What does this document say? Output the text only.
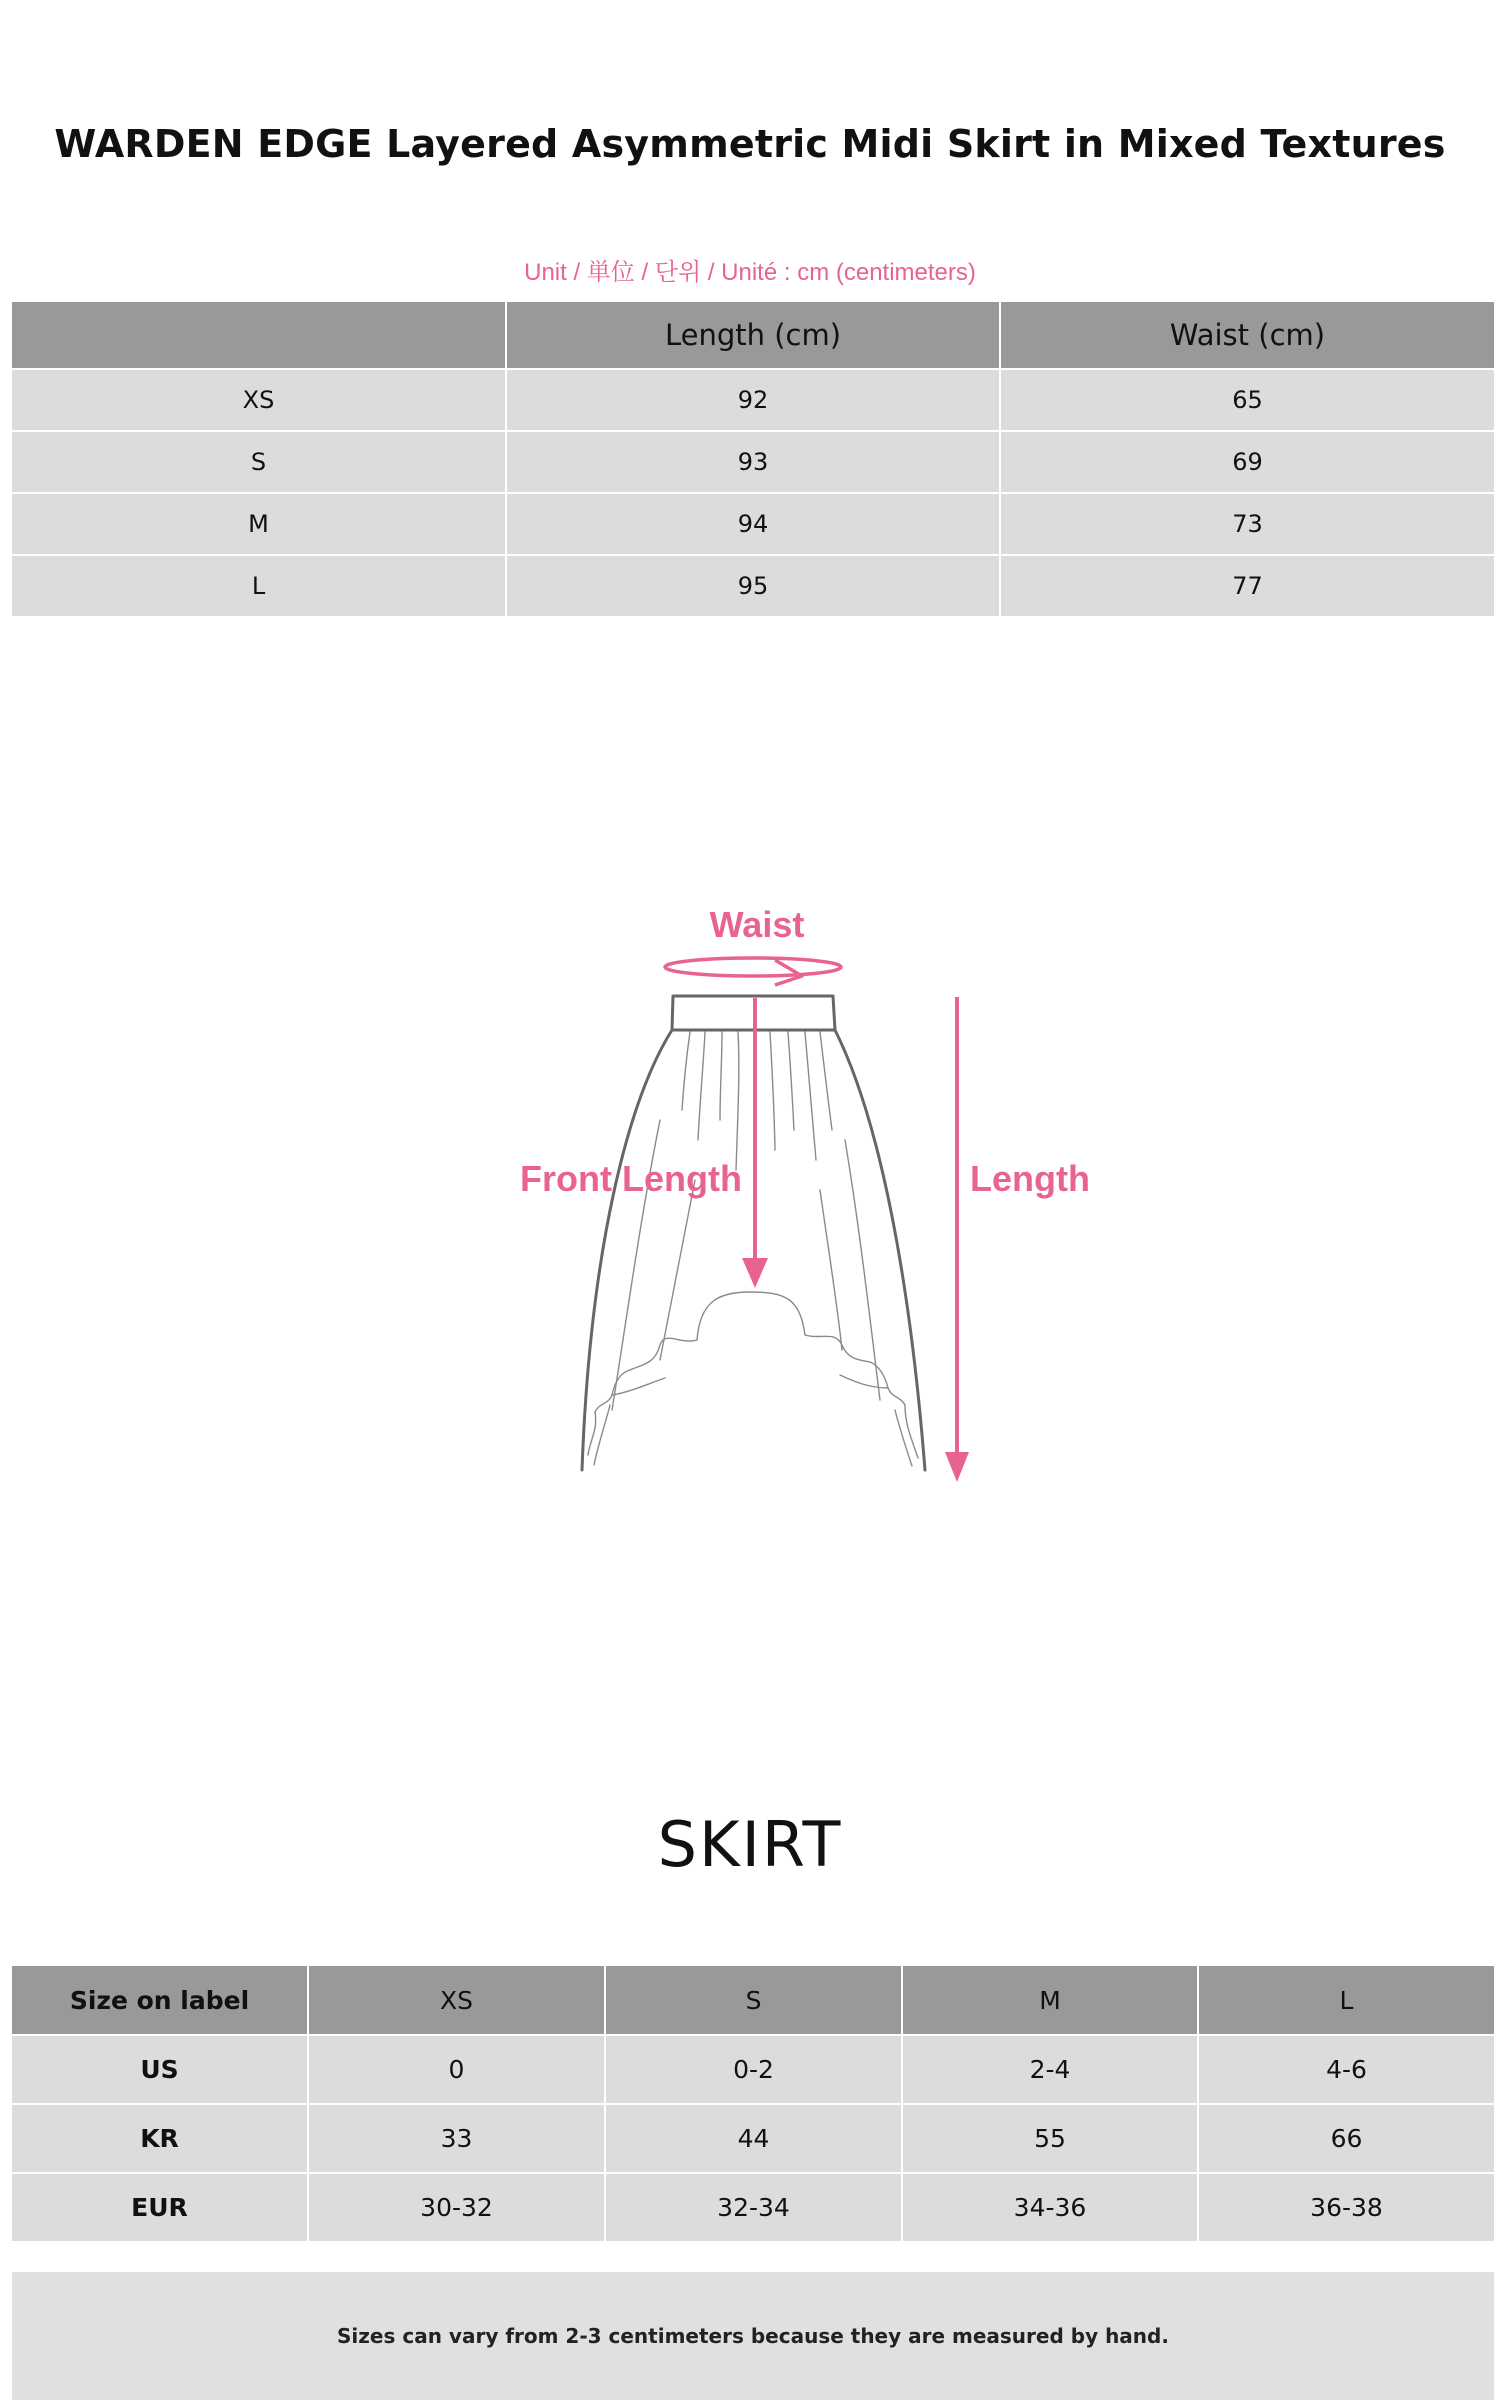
WARDEN EDGE Layered Asymmetric Midi Skirt in Mixed Textures
Unit / 単位 / 단위 / Unité : cm (centimeters)
	Length (cm)	Waist (cm)
XS	92	65
S	93	69
M	94	73
L	95	77
Waist
Front Length	Length
SKIRT
Size on label	XS	S	M	L
US	0	0-2	2-4	4-6
KR	33	44	55	66
EUR	30-32	32-34	34-36	36-38
Sizes can vary from 2-3 centimeters because they are measured by hand.
